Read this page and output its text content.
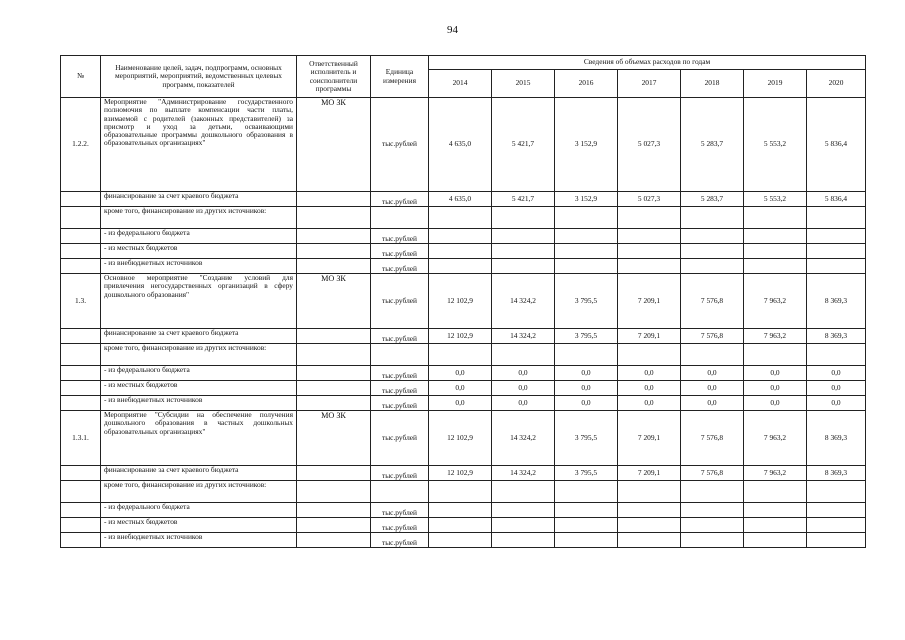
94
№	Наименование целей, задач, подпрограмм, основных мероприятий, мероприятий, ведомственных целевых программ, показателей	Ответственный исполнитель и соисполнители программы	Единица измерения	Сведения об объемах расходов по годам						
				2014	2015	2016	2017	2018	2019	2020
1.2.2.	Мероприятие "Администрирование государственного полномочия по выплате компенсации части платы, взимаемой с родителей (законных представителей) за присмотр и уход за детьми, осваивающими образовательные программы дошкольного образования в образовательных организациях"	МО ЗК	тыс.рублей	4 635,0	5 421,7	3 152,9	5 027,3	5 283,7	5 553,2	5 836,4
	финансирование за счет краевого бюджета		тыс.рублей	4 635,0	5 421,7	3 152,9	5 027,3	5 283,7	5 553,2	5 836,4
	кроме того, финансирование из других источников:									
	- из федерального бюджета		тыс.рублей							
	- из местных бюджетов		тыс.рублей							
	- из внебюджетных источников		тыс.рублей							
1.3.	Основное мероприятие "Создание условий для привлечения негосударственных организаций в сферу дошкольного образования"	МО ЗК	тыс.рублей	12 102,9	14 324,2	3 795,5	7 209,1	7 576,8	7 963,2	8 369,3
	финансирование за счет краевого бюджета		тыс.рублей	12 102,9	14 324,2	3 795,5	7 209,1	7 576,8	7 963,2	8 369,3
	кроме того, финансирование из других источников:									
	- из федерального бюджета		тыс.рублей	0,0	0,0	0,0	0,0	0,0	0,0	0,0
	- из местных бюджетов		тыс.рублей	0,0	0,0	0,0	0,0	0,0	0,0	0,0
	- из внебюджетных источников		тыс.рублей	0,0	0,0	0,0	0,0	0,0	0,0	0,0
1.3.1.	Мероприятие "Субсидии на обеспечение получения дошкольного образования в частных дошкольных образовательных организациях"	МО ЗК	тыс.рублей	12 102,9	14 324,2	3 795,5	7 209,1	7 576,8	7 963,2	8 369,3
	финансирование за счет краевого бюджета		тыс.рублей	12 102,9	14 324,2	3 795,5	7 209,1	7 576,8	7 963,2	8 369,3
	кроме того, финансирование из других источников:									
	- из федерального бюджета		тыс.рублей							
	- из местных бюджетов		тыс.рублей							
	- из внебюджетных источников		тыс.рублей							
